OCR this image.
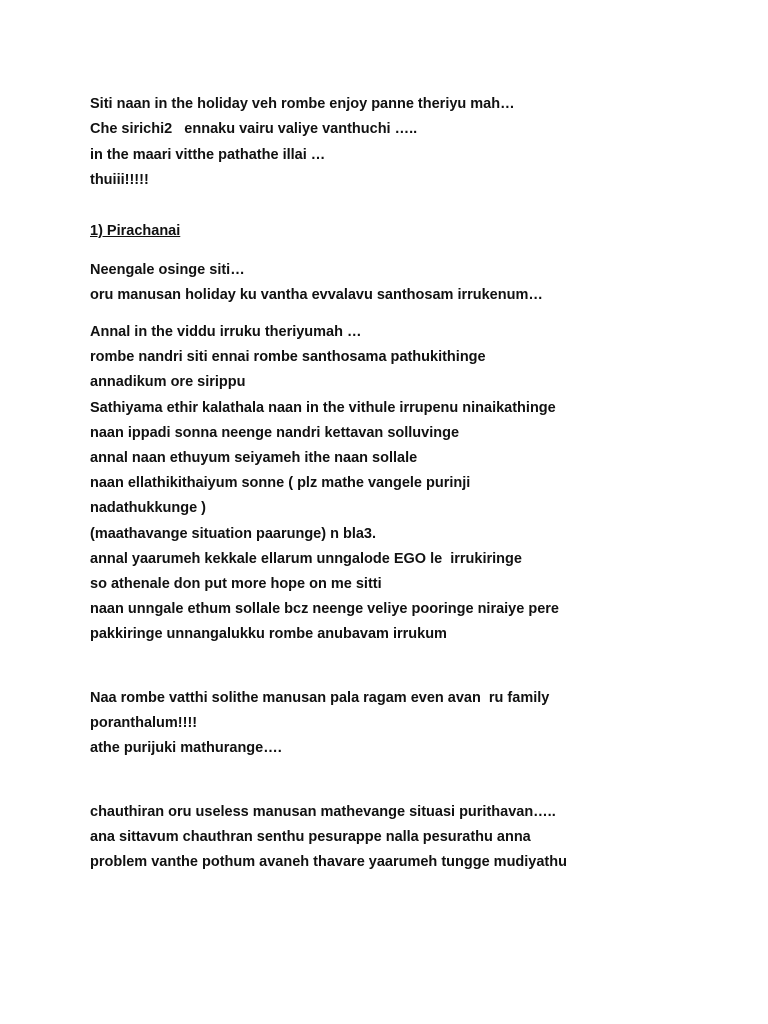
Siti naan in the holiday veh rombe enjoy panne theriyu mah…

Che sirichi2   ennaku vairu valiye vanthuchi …..

in the maari vitthe pathathe illai …

thuiii!!!!!

1) Pirachanai

Neengale osinge siti…

oru manusan holiday ku vantha evvalavu santhosam irrukenum…

Annal in the viddu irruku theriyumah …

rombe nandri siti ennai rombe santhosama pathukithinge

annadikum ore sirippu

Sathiyama ethir kalathala naan in the vithule irrupenu ninaikathinge

naan ippadi sonna neenge nandri kettavan solluvinge

annal naan ethuyum seiyameh ithe naan sollale

naan ellathikithaiyum sonne ( plz mathe vangele purinji

nadathukkunge )

(maathavange situation paarunge) n bla3.

annal yaarumeh kekkale ellarum unngalode EGO le  irrukiringe

so athenale don put more hope on me sitti

naan unngale ethum sollale bcz neenge veliye pooringe niraiye pere

pakkiringe unnangalukku rombe anubavam irrukum

Naa rombe vatthi solithe manusan pala ragam even avan  ru family

poranthalum!!!!

athe purijuki mathurange….

chauthiran oru useless manusan mathevange situasi purithavan…..

ana sittavum chauthran senthu pesurappe nalla pesurathu anna

problem vanthe pothum avaneh thavare yaarumeh tungge mudiyathu
